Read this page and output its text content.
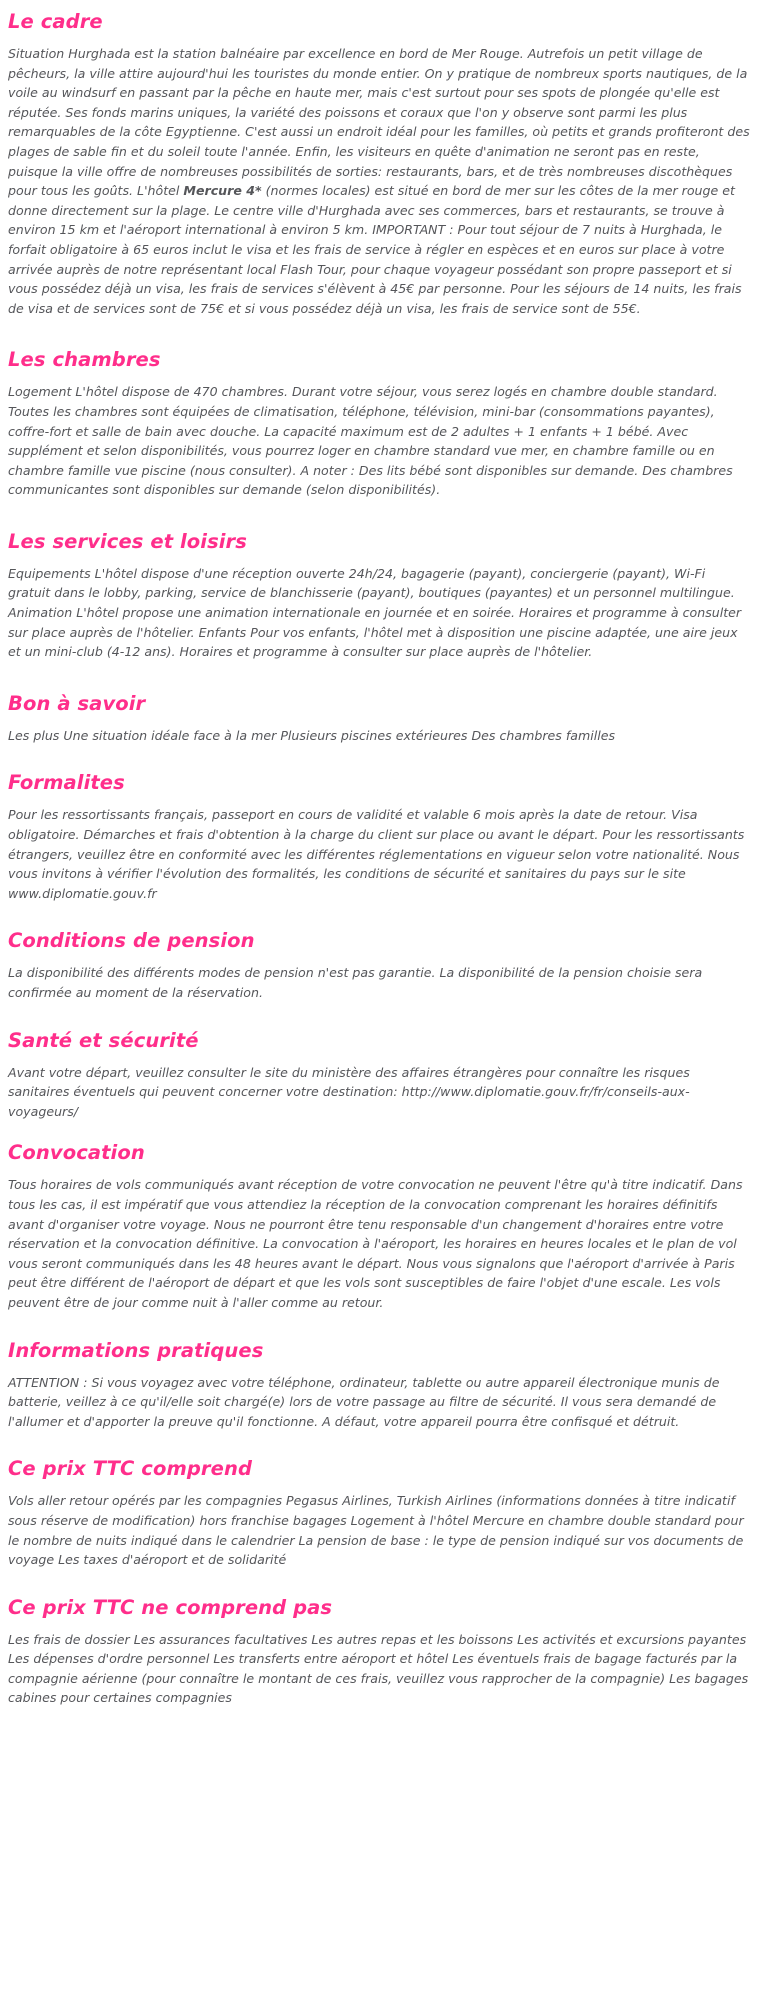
Le cadre

Situation Hurghada est la station balnéaire par excellence en bord de Mer Rouge. Autrefois un petit village de pêcheurs, la ville attire aujourd'hui les touristes du monde entier. On y pratique de nombreux sports nautiques, de la voile au windsurf en passant par la pêche en haute mer, mais c'est surtout pour ses spots de plongée qu'elle est réputée. Ses fonds marins uniques, la variété des poissons et coraux que l'on y observe sont parmi les plus remarquables de la côte Egyptienne. C'est aussi un endroit idéal pour les familles, où petits et grands profiteront des plages de sable fin et du soleil toute l'année. Enfin, les visiteurs en quête d'animation ne seront pas en reste, puisque la ville offre de nombreuses possibilités de sorties: restaurants, bars, et de très nombreuses discothèques pour tous les goûts. L'hôtel Mercure 4* (normes locales) est situé en bord de mer sur les côtes de la mer rouge et donne directement sur la plage. Le centre ville d'Hurghada avec ses commerces, bars et restaurants, se trouve à environ 15 km et l'aéroport international à environ 5 km. IMPORTANT : Pour tout séjour de 7 nuits à Hurghada, le forfait obligatoire à 65 euros inclut le visa et les frais de service à régler en espèces et en euros sur place à votre arrivée auprès de notre représentant local Flash Tour, pour chaque voyageur possédant son propre passeport et si vous possédez déjà un visa, les frais de services s'élèvent à 45€ par personne. Pour les séjours de 14 nuits, les frais de visa et de services sont de 75€ et si vous possédez déjà un visa, les frais de service sont de 55€.

Les chambres

Logement L'hôtel dispose de 470 chambres. Durant votre séjour, vous serez logés en chambre double standard. Toutes les chambres sont équipées de climatisation, téléphone, télévision, mini-bar (consommations payantes), coffre-fort et salle de bain avec douche. La capacité maximum est de 2 adultes + 1 enfants + 1 bébé. Avec supplément et selon disponibilités, vous pourrez loger en chambre standard vue mer, en chambre famille ou en chambre famille vue piscine (nous consulter). A noter : Des lits bébé sont disponibles sur demande. Des chambres communicantes sont disponibles sur demande (selon disponibilités).

Les services et loisirs

Equipements L'hôtel dispose d'une réception ouverte 24h/24, bagagerie (payant), conciergerie (payant), Wi-Fi gratuit dans le lobby, parking, service de blanchisserie (payant), boutiques (payantes) et un personnel multilingue. Animation L'hôtel propose une animation internationale en journée et en soirée. Horaires et programme à consulter sur place auprès de l'hôtelier. Enfants Pour vos enfants, l'hôtel met à disposition une piscine adaptée, une aire jeux et un mini-club (4-12 ans). Horaires et programme à consulter sur place auprès de l'hôtelier.

Bon à savoir

Les plus Une situation idéale face à la mer Plusieurs piscines extérieures Des chambres familles

Formalites

Pour les ressortissants français, passeport en cours de validité et valable 6 mois après la date de retour. Visa obligatoire. Démarches et frais d'obtention à la charge du client sur place ou avant le départ. Pour les ressortissants étrangers, veuillez être en conformité avec les différentes réglementations en vigueur selon votre nationalité. Nous vous invitons à vérifier l'évolution des formalités, les conditions de sécurité et sanitaires du pays sur le site www.diplomatie.gouv.fr

Conditions de pension

La disponibilité des différents modes de pension n'est pas garantie. La disponibilité de la pension choisie sera confirmée au moment de la réservation.

Santé et sécurité

Avant votre départ, veuillez consulter le site du ministère des affaires étrangères pour connaître les risques sanitaires éventuels qui peuvent concerner votre destination: http://www.diplomatie.gouv.fr/fr/conseils-aux-voyageurs/

Convocation

Tous horaires de vols communiqués avant réception de votre convocation ne peuvent l'être qu'à titre indicatif. Dans tous les cas, il est impératif que vous attendiez la réception de la convocation comprenant les horaires définitifs avant d'organiser votre voyage. Nous ne pourront être tenu responsable d'un changement d'horaires entre votre réservation et la convocation définitive. La convocation à l'aéroport, les horaires en heures locales et le plan de vol vous seront communiqués dans les 48 heures avant le départ. Nous vous signalons que l'aéroport d'arrivée à Paris peut être différent de l'aéroport de départ et que les vols sont susceptibles de faire l'objet d'une escale. Les vols peuvent être de jour comme nuit à l'aller comme au retour.

Informations pratiques

ATTENTION : Si vous voyagez avec votre téléphone, ordinateur, tablette ou autre appareil électronique munis de batterie, veillez à ce qu'il/elle soit chargé(e) lors de votre passage au filtre de sécurité. Il vous sera demandé de l'allumer et d'apporter la preuve qu'il fonctionne. A défaut, votre appareil pourra être confisqué et détruit.

Ce prix TTC comprend

Vols aller retour opérés par les compagnies Pegasus Airlines, Turkish Airlines (informations données à titre indicatif sous réserve de modification) hors franchise bagages Logement à l'hôtel Mercure en chambre double standard pour le nombre de nuits indiqué dans le calendrier La pension de base : le type de pension indiqué sur vos documents de voyage Les taxes d'aéroport et de solidarité

Ce prix TTC ne comprend pas

Les frais de dossier Les assurances facultatives Les autres repas et les boissons Les activités et excursions payantes Les dépenses d'ordre personnel Les transferts entre aéroport et hôtel Les éventuels frais de bagage facturés par la compagnie aérienne (pour connaître le montant de ces frais, veuillez vous rapprocher de la compagnie) Les bagages cabines pour certaines compagnies
